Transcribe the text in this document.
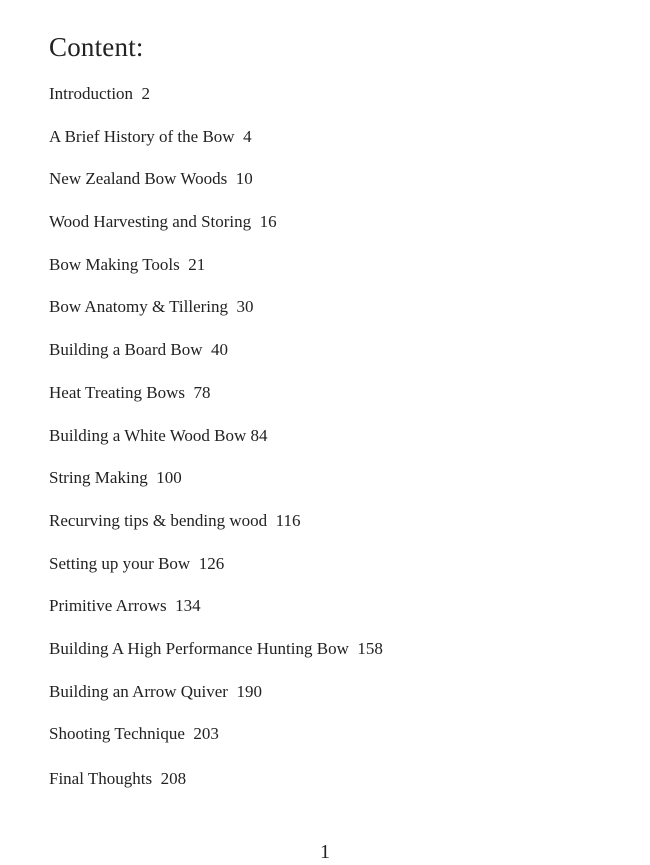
Content:
Introduction  2
A Brief History of the Bow  4
New Zealand Bow Woods  10
Wood Harvesting and Storing  16
Bow Making Tools  21
Bow Anatomy & Tillering  30
Building a Board Bow  40
Heat Treating Bows  78
Building a White Wood Bow 84
String Making  100
Recurving tips & bending wood  116
Setting up your Bow  126
Primitive Arrows  134
Building A High Performance Hunting Bow  158
Building an Arrow Quiver  190
Shooting Technique  203
Final Thoughts  208
1
